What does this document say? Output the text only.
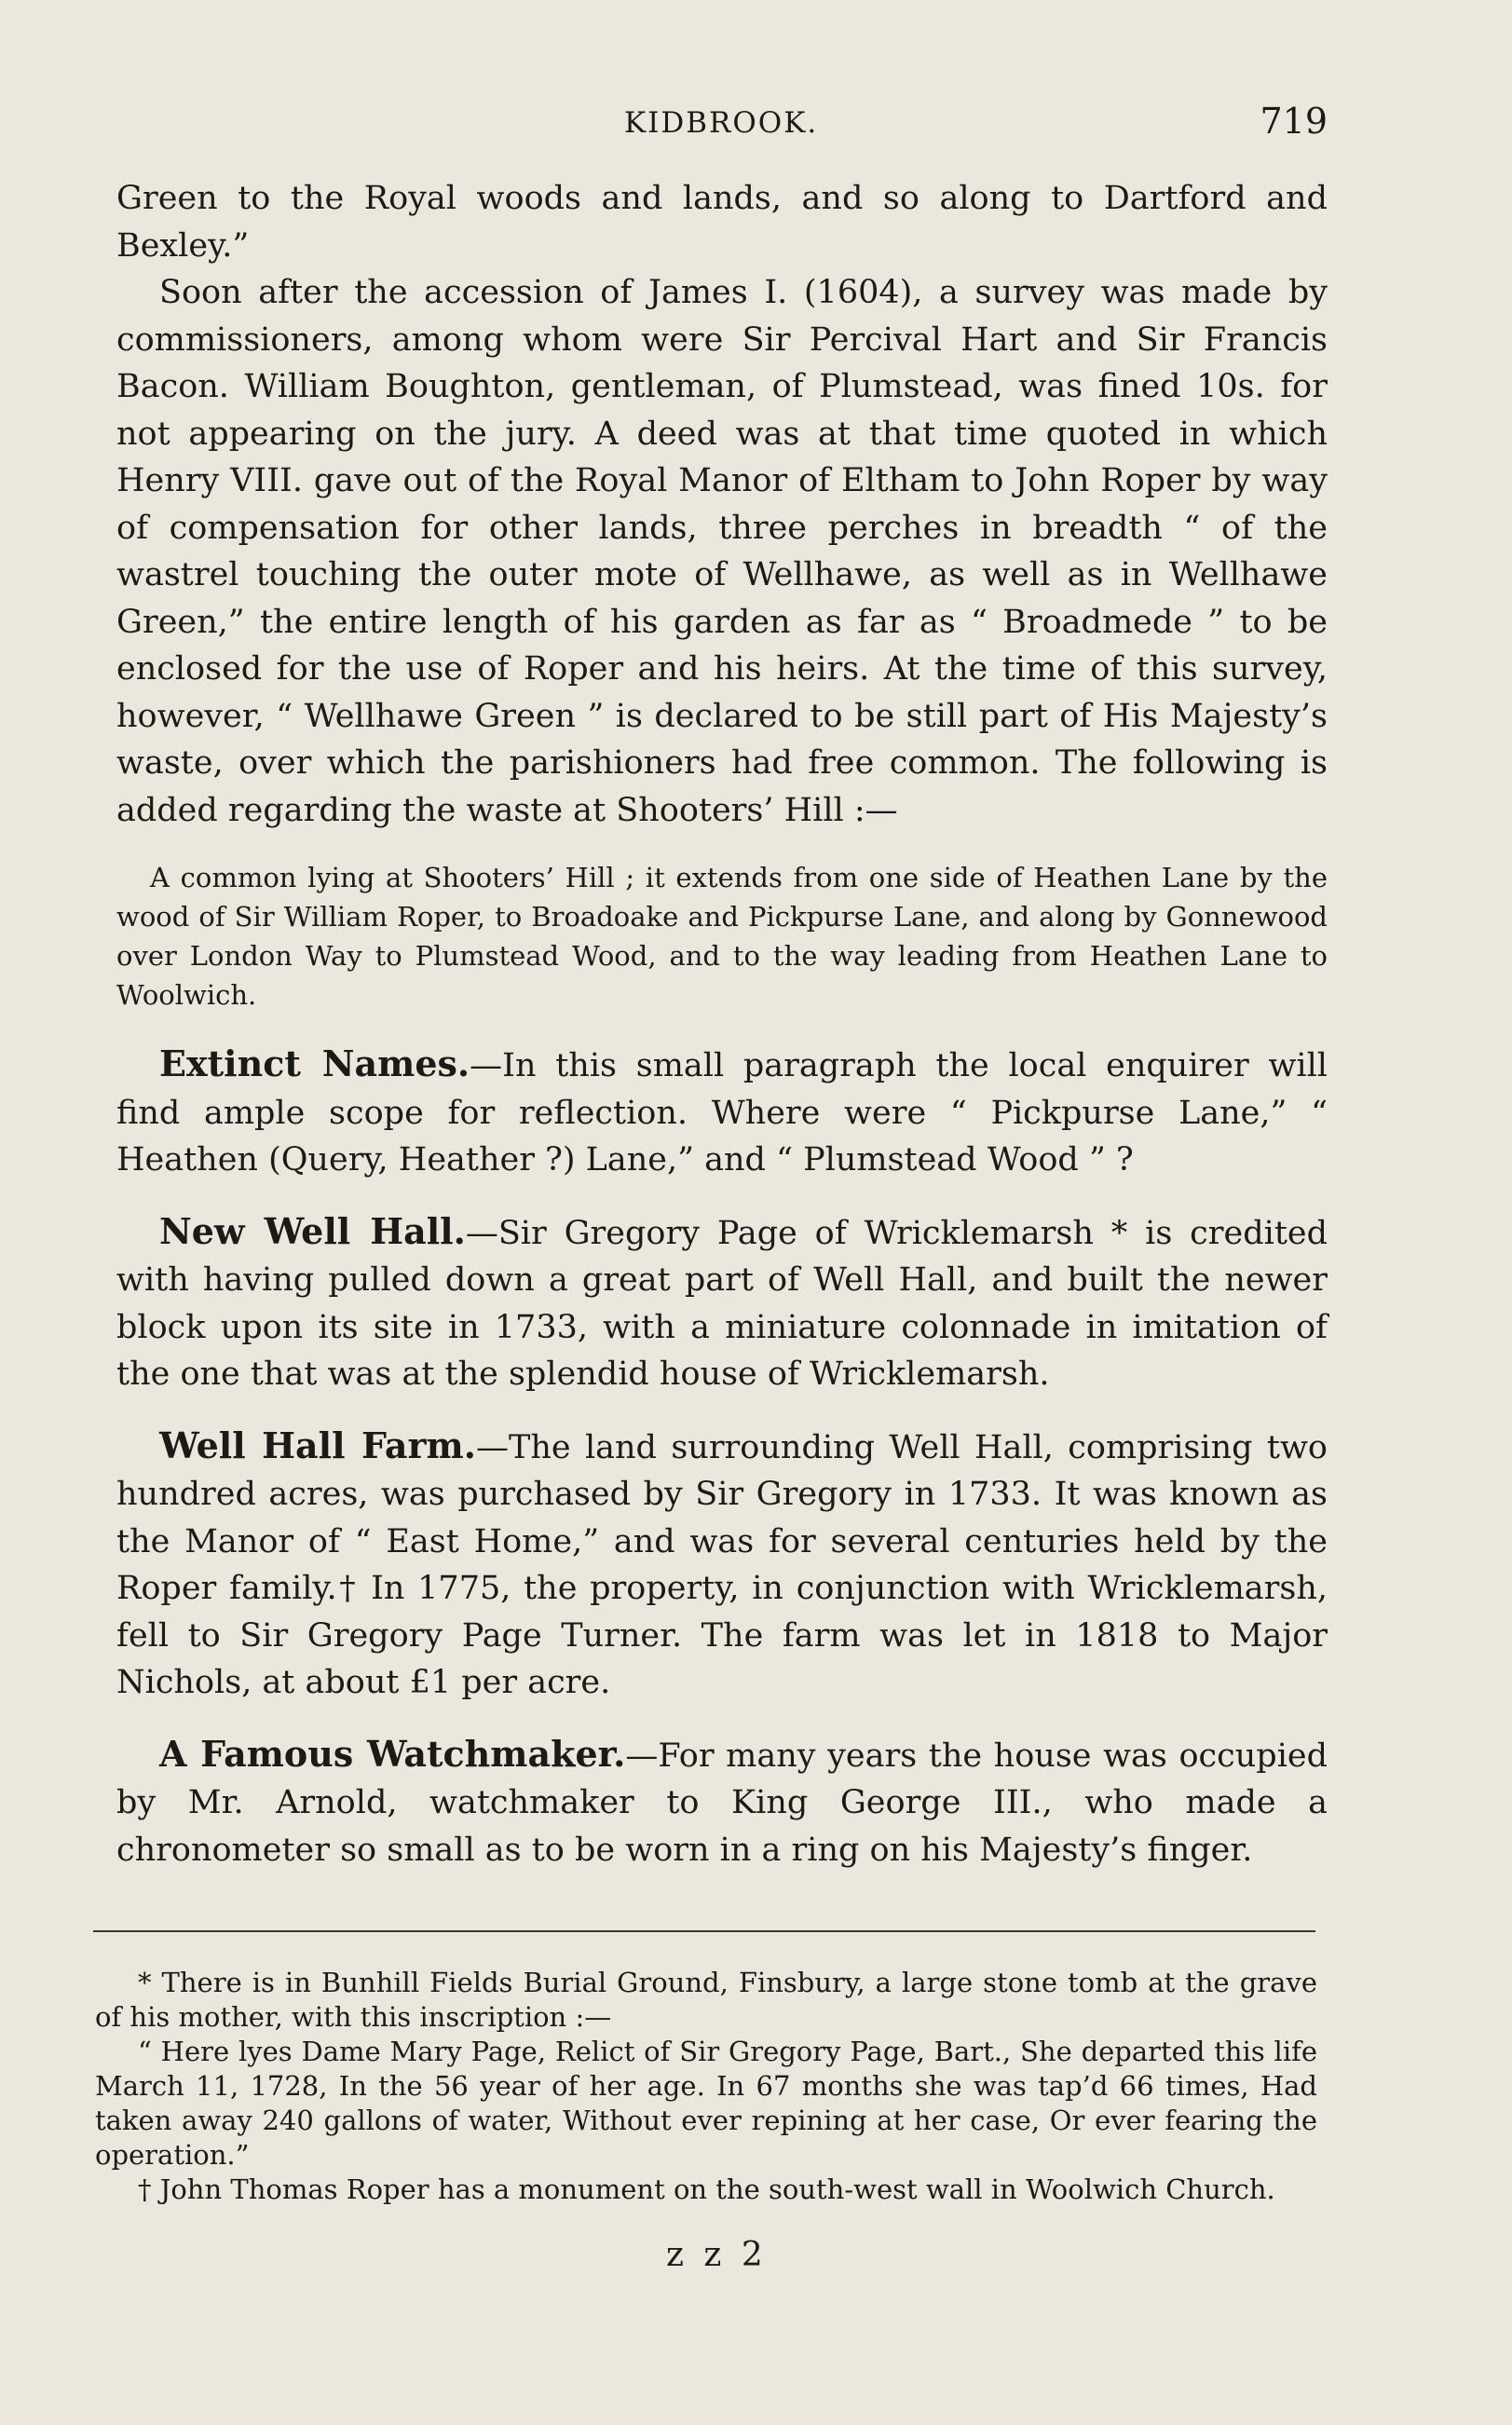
KIDBROOK.	719

Green to the Royal woods and lands, and so along to Dartford and Bexley.”

Soon after the accession of James I. (1604), a survey was made by commissioners, among whom were Sir Percival Hart and Sir Francis Bacon. William Boughton, gentleman, of Plumstead, was fined 10s. for not appearing on the jury. A deed was at that time quoted in which Henry VIII. gave out of the Royal Manor of Eltham to John Roper by way of compensation for other lands, three perches in breadth “ of the wastrel touching the outer mote of Wellhawe, as well as in Wellhawe Green,” the entire length of his garden as far as “ Broadmede ” to be enclosed for the use of Roper and his heirs. At the time of this survey, however, “ Wellhawe Green ” is declared to be still part of His Majesty’s waste, over which the parishioners had free common. The following is added regarding the waste at Shooters’ Hill :—

A common lying at Shooters’ Hill ; it extends from one side of Heathen Lane by the wood of Sir William Roper, to Broadoake and Pickpurse Lane, and along by Gonnewood over London Way to Plumstead Wood, and to the way leading from Heathen Lane to Woolwich.

Extinct Names.—In this small paragraph the local enquirer will find ample scope for reflection. Where were “ Pickpurse Lane,” “ Heathen (Query, Heather ?) Lane,” and “ Plumstead Wood ” ?

New Well Hall.—Sir Gregory Page of Wricklemarsh * is credited with having pulled down a great part of Well Hall, and built the newer block upon its site in 1733, with a miniature colonnade in imitation of the one that was at the splendid house of Wricklemarsh.

Well Hall Farm.—The land surrounding Well Hall, comprising two hundred acres, was purchased by Sir Gregory in 1733. It was known as the Manor of “ East Home,” and was for several centuries held by the Roper family.† In 1775, the property, in conjunction with Wricklemarsh, fell to Sir Gregory Page Turner. The farm was let in 1818 to Major Nichols, at about £1 per acre.

A Famous Watchmaker.—For many years the house was occupied by Mr. Arnold, watchmaker to King George III., who made a chronometer so small as to be worn in a ring on his Majesty’s finger.

* There is in Bunhill Fields Burial Ground, Finsbury, a large stone tomb at the grave of his mother, with this inscription :—

“ Here lyes Dame Mary Page, Relict of Sir Gregory Page, Bart., She departed this life March 11, 1728, In the 56 year of her age. In 67 months she was tap’d 66 times, Had taken away 240 gallons of water, Without ever repining at her case, Or ever fearing the operation.”

† John Thomas Roper has a monument on the south-west wall in Woolwich Church.

z z 2
